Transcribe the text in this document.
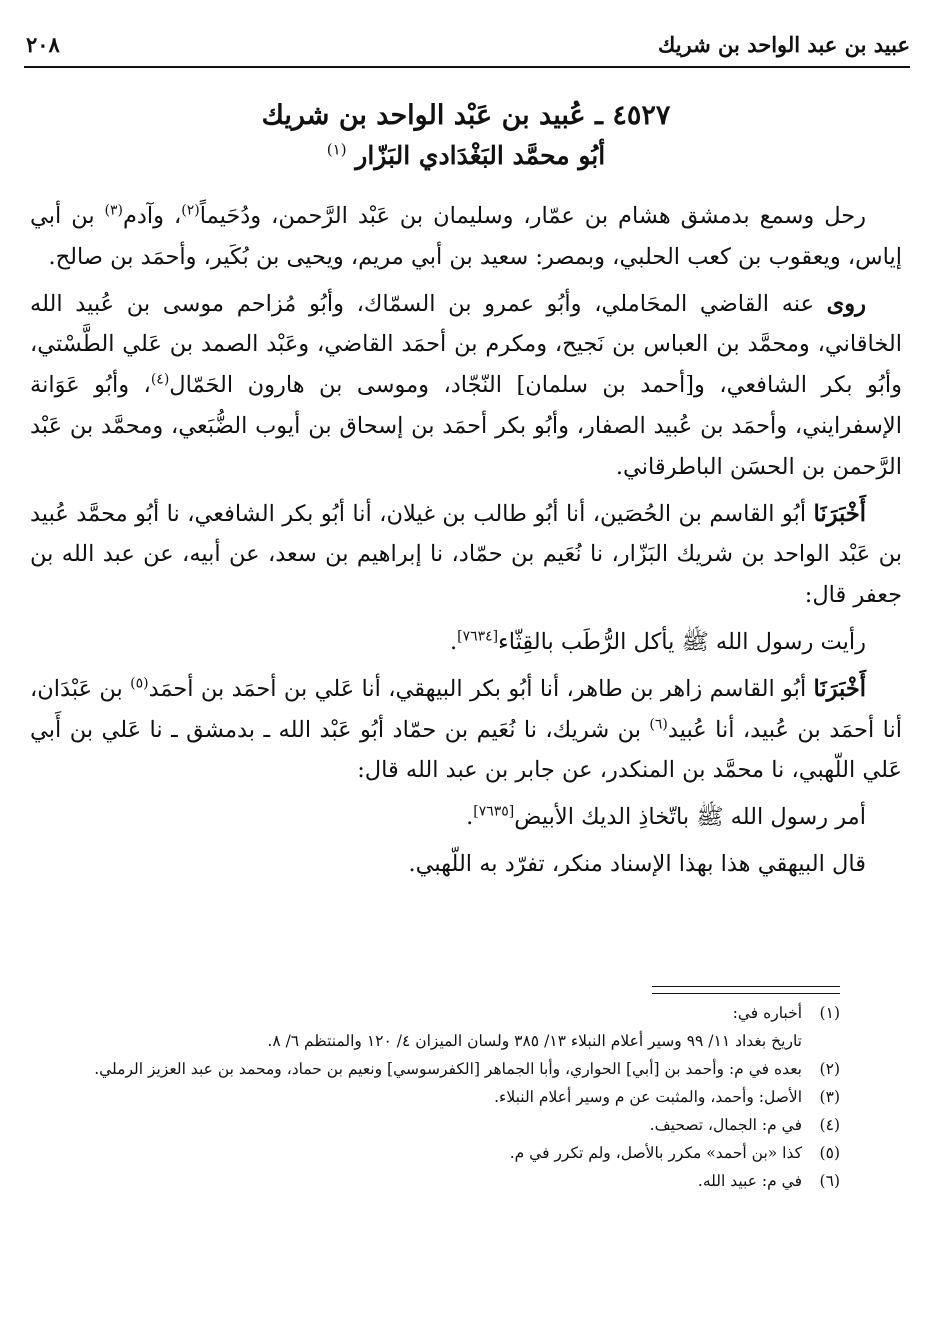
عبيد بن عبد الواحد بن شريك
٢٠٨
٤٥٢٧ ـ عُبيد بن عَبْد الواحد بن شريك
أبُو محمَّد البَغْدَادي البَزّار $^{(١)}$

رحل وسمع بدمشق هشام بن عمّار، وسليمان بن عَبْد الرَّحمن، ودُحَيماً$^{(٢)}$، وآدم$^{(٣)}$ بن أبي إياس، ويعقوب بن كعب الحلبي، وبمصر: سعيد بن أبي مريم، ويحيى بن بُكَير، وأحمَد بن صالح.

روى عنه القاضي المحَاملي، وأبُو عمرو بن السمّاك، وأبُو مُزاحم موسى بن عُبيد الله الخاقاني، ومحمَّد بن العباس بن نَجيح، ومكرم بن أحمَد القاضي، وعَبْد الصمد بن عَلي الطَّسْتي، وأبُو بكر الشافعي، و[أحمد بن سلمان] النّجّاد، وموسى بن هارون الحَمّال$^{(٤)}$، وأبُو عَوَانة الإسفرايني، وأحمَد بن عُبيد الصفار، وأبُو بكر أحمَد بن إسحاق بن أيوب الضُّبَعي، ومحمَّد بن عَبْد الرَّحمن بن الحسَن الباطرقاني.

أَخْبَرَنَا أبُو القاسم بن الحُصَين، أنا أبُو طالب بن غيلان، أنا أبُو بكر الشافعي، نا أبُو محمَّد عُبيد بن عَبْد الواحد بن شريك البَزّار، نا نُعَيم بن حمّاد، نا إبراهيم بن سعد، عن أبيه، عن عبد الله بن جعفر قال:

رأيت رسول الله ﷺ يأكل الرُّطَب بالقِثّاء[٧٦٣٤].

أَخْبَرَنَا أبُو القاسم زاهر بن طاهر، أنا أبُو بكر البيهقي، أنا عَلي بن أحمَد بن أحمَد$^{(٥)}$ بن عَبْدَان، أنا أحمَد بن عُبيد، أنا عُبيد$^{(٦)}$ بن شريك، نا نُعَيم بن حمّاد أبُو عَبْد الله ـ بدمشق ـ نا عَلي بن أَبي عَلي اللّهبي، نا محمَّد بن المنكدر، عن جابر بن عبد الله قال:

أمر رسول الله ﷺ باتّخاذِ الديك الأبيض[٧٦٣٥].

قال البيهقي هذا بهذا الإسناد منكر، تفرّد به اللّهبي.

(١)
أخباره في:
تاريخ بغداد ١١/ ٩٩ وسير أعلام النبلاء ١٣/ ٣٨٥ ولسان الميزان ٤/ ١٢٠ والمنتظم ٦/ ٨.
(٢)
بعده في م: وأحمد بن [أبي] الحواري، وأبا الجماهر [الكفرسوسي] ونعيم بن حماد، ومحمد بن عبد العزيز الرملي.
(٣)
الأصل: وأحمد، والمثبت عن م وسير أعلام النبلاء.
(٤)
في م: الجمال، تصحيف.
(٥)
كذا «بن أحمد» مكرر بالأصل، ولم تكرر في م.
(٦)
في م: عبيد الله.
